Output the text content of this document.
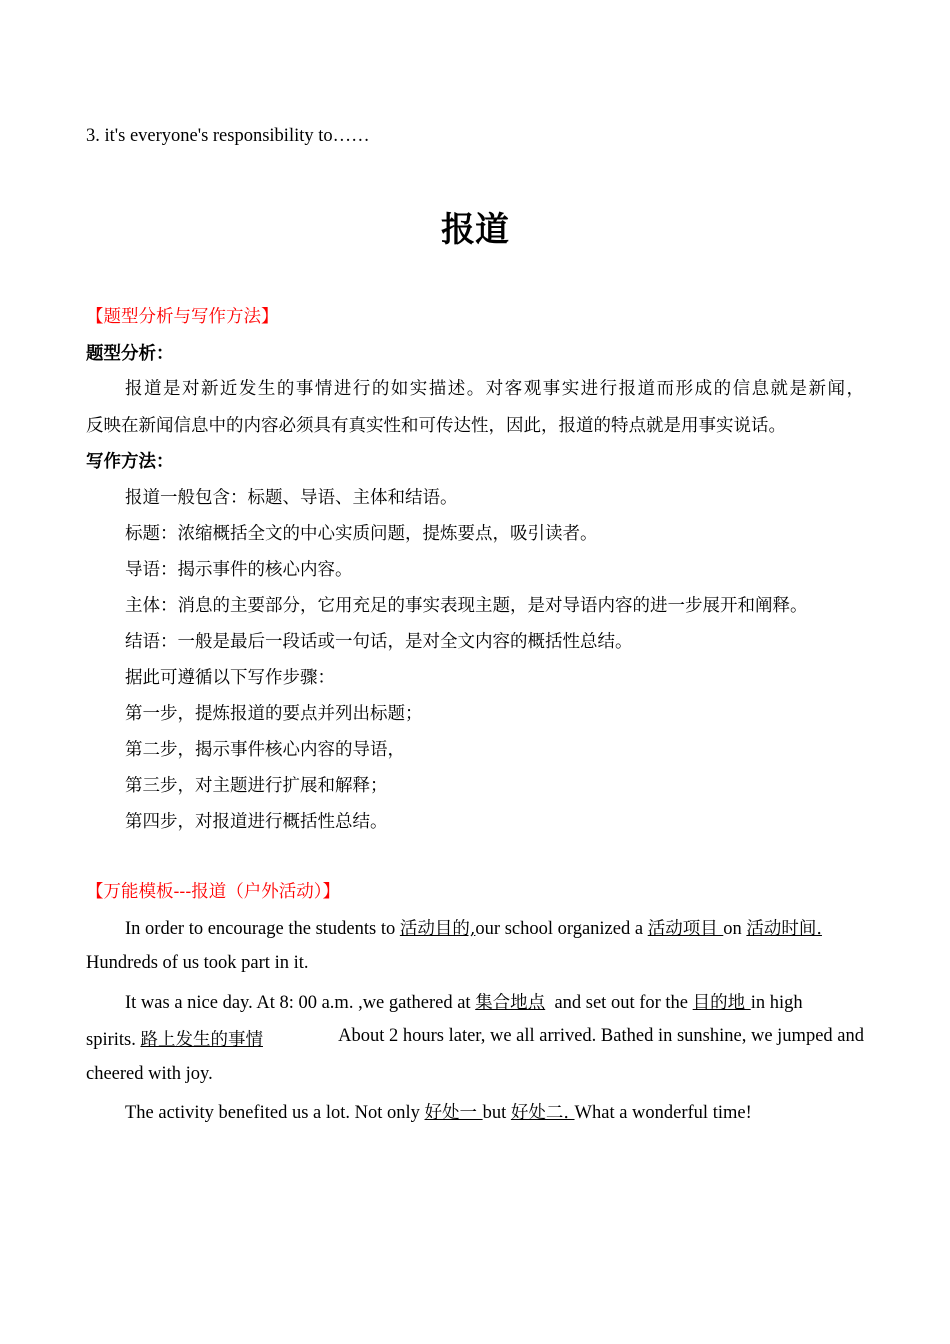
3. it's everyone's responsibility to……
报道
【题型分析与写作方法】
题型分析：
报道是对新近发生的事情进行的如实描述。对客观事实进行报道而形成的信息就是新闻，
反映在新闻信息中的内容必须具有真实性和可传达性，因此，报道的特点就是用事实说话。
写作方法：
报道一般包含：标题、导语、主体和结语。
标题：浓缩概括全文的中心实质问题，提炼要点，吸引读者。
导语：揭示事件的核心内容。
主体：消息的主要部分，它用充足的事实表现主题，是对导语内容的进一步展开和阐释。
结语：一般是最后一段话或一句话，是对全文内容的概括性总结。
据此可遵循以下写作步骤：
第一步，提炼报道的要点并列出标题；
第二步，揭示事件核心内容的导语，
第三步，对主题进行扩展和解释；
第四步，对报道进行概括性总结。
【万能模板---报道（户外活动）】
In order to encourage the students to 活动目的,our school organized a 活动项目 on 活动时间.
Hundreds of us took part in it.
It was a nice day. At 8: 00 a.m. ,we gathered at 集合地点  and set out for the 目的地 in high
spirits. 路上发生的事情	About 2 hours later, we all arrived. Bathed in sunshine, we jumped and
cheered with joy.
The activity benefited us a lot. Not only 好处一 but 好处二. What a wonderful time!
